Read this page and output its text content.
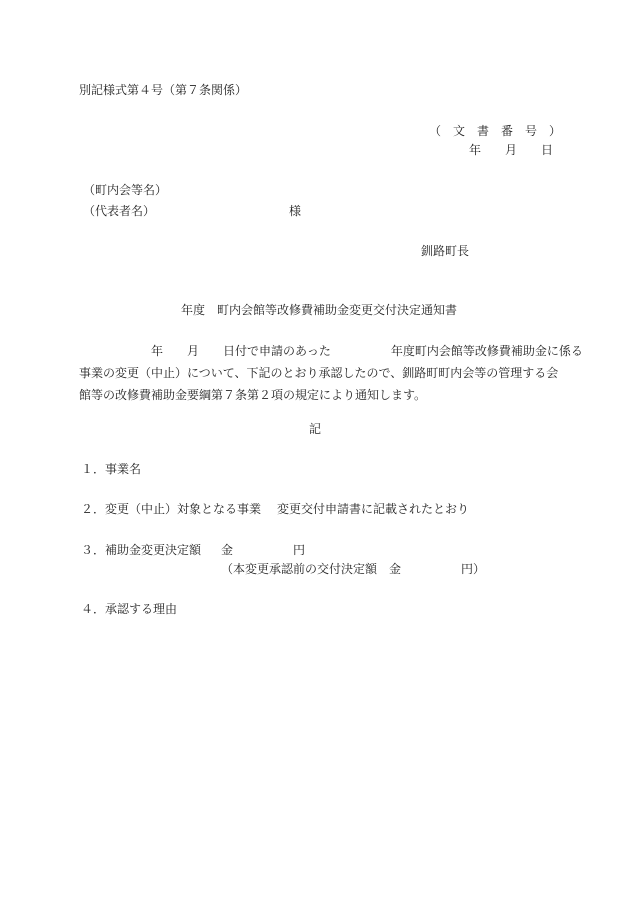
別記様式第４号（第７条関係）
（　文　書　番　号　）
年　　月　　日
（町内会等名）
（代表者名）	様
釧路町長
年度　町内会館等改修費補助金変更交付決定通知書
　　　　　　年　　月　　日付で申請のあった　　　　　年度町内会館等改修費補助金に係る
事業の変更（中止）について、下記のとおり承認したので、釧路町町内会等の管理する会
館等の改修費補助金要綱第７条第２項の規定により通知します。
記
１．事業名
２．変更（中止）対象となる事業 変更交付申請書に記載されたとおり
３．補助金変更決定額 金　　　　　円
（本変更承認前の交付決定額　金　　　　　円）
４．承認する理由
